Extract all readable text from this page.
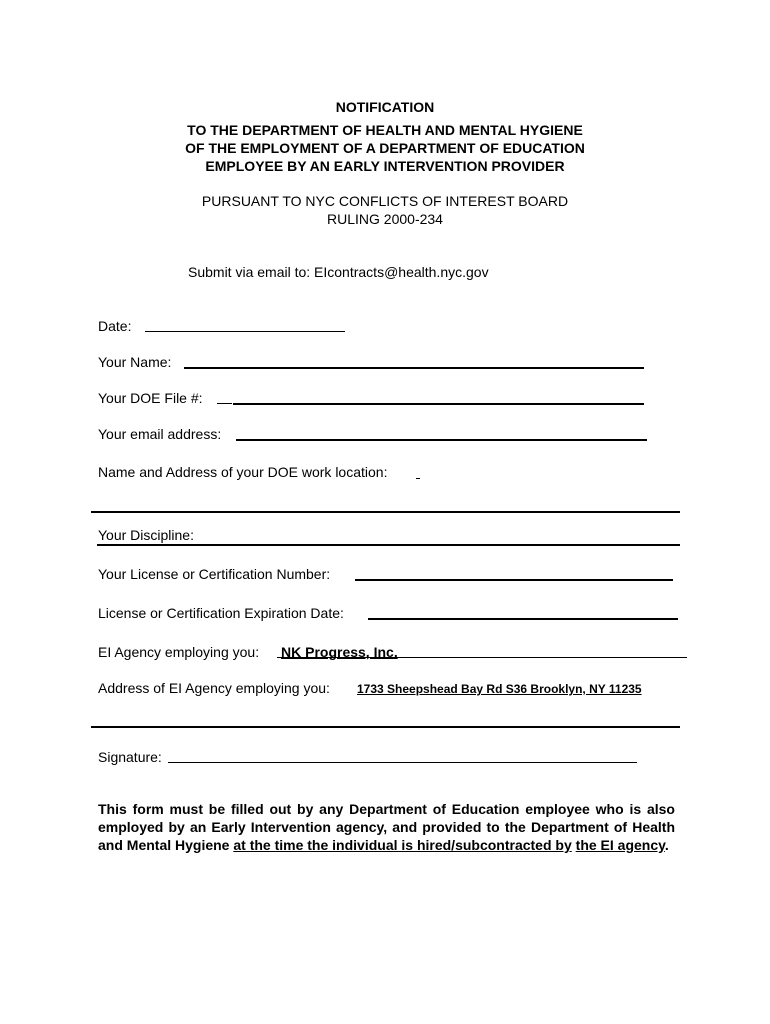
NOTIFICATION
TO THE DEPARTMENT OF HEALTH AND MENTAL HYGIENE
OF THE EMPLOYMENT OF A DEPARTMENT OF EDUCATION
EMPLOYEE BY AN EARLY INTERVENTION PROVIDER
PURSUANT TO NYC CONFLICTS OF INTEREST BOARD
RULING 2000-234
Submit via email to: EIcontracts@health.nyc.gov
Date:
Your Name:
Your DOE File #:
Your email address:
Name and Address of your DOE work location:
Your Discipline:
Your License or Certification Number:
License or Certification Expiration Date:
EI Agency employing you: NK Progress, Inc.
Address of EI Agency employing you: 1733 Sheepshead Bay Rd S36 Brooklyn, NY 11235
Signature:
This form must be filled out by any Department of Education employee who is also employed by an Early Intervention agency, and provided to the Department of Health and Mental Hygiene at the time the individual is hired/subcontracted by the EI agency.
